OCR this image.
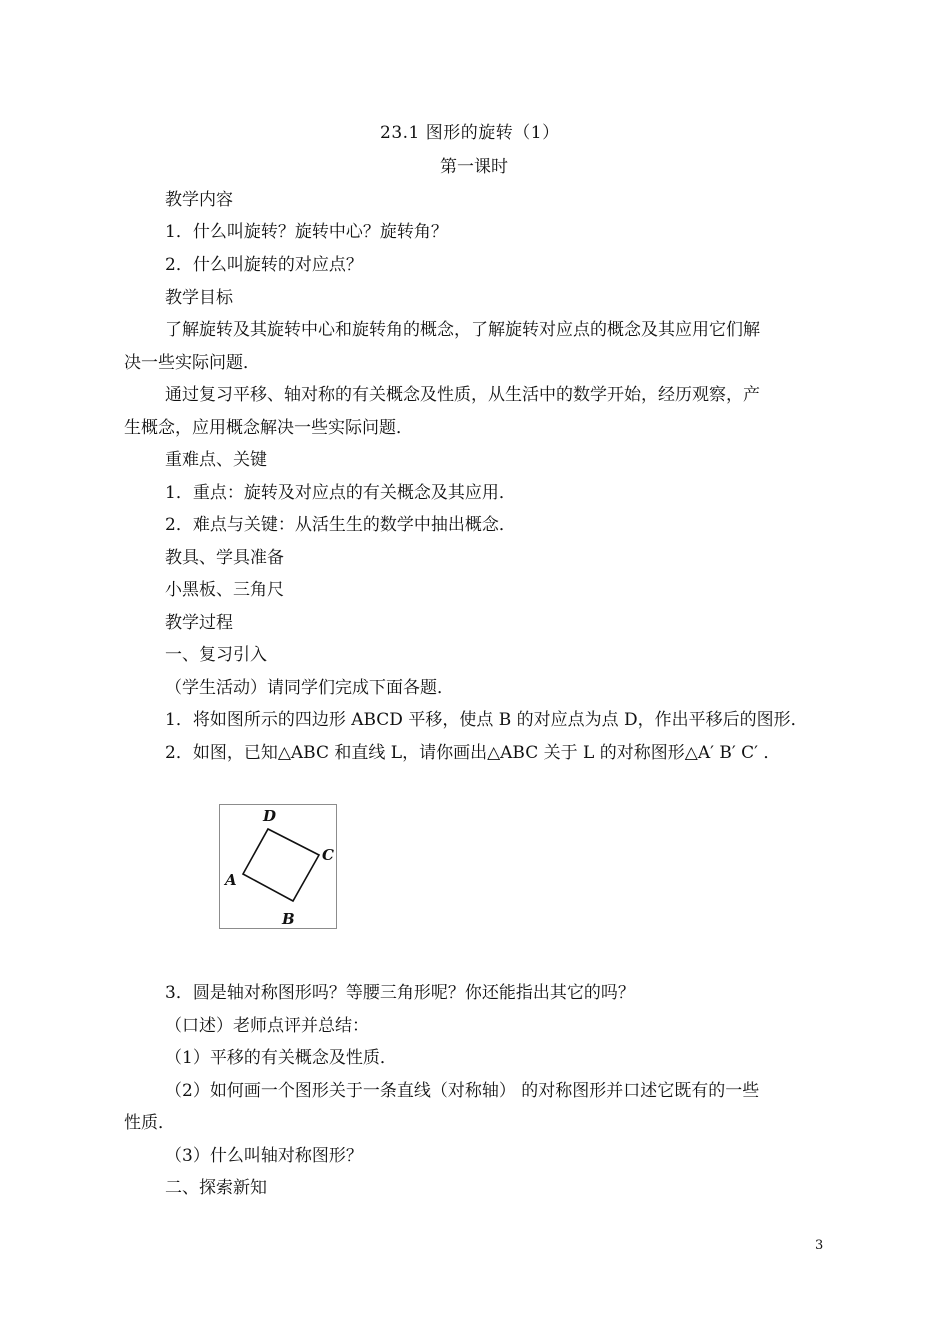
23.1 图形的旋转（1）
第一课时
教学内容
1．什么叫旋转？旋转中心？旋转角？
2．什么叫旋转的对应点？
教学目标
了解旋转及其旋转中心和旋转角的概念，了解旋转对应点的概念及其应用它们解
决一些实际问题．
通过复习平移、轴对称的有关概念及性质，从生活中的数学开始，经历观察，产
生概念，应用概念解决一些实际问题．
重难点、关键
1．重点：旋转及对应点的有关概念及其应用．
2．难点与关键：从活生生的数学中抽出概念．
教具、学具准备
小黑板、三角尺
教学过程
一、复习引入
（学生活动）请同学们完成下面各题．
1．将如图所示的四边形 ABCD 平移，使点 B 的对应点为点 D，作出平移后的图形．
2．如图，已知△ABC 和直线 L，请你画出△ABC 关于 L 的对称图形△A′ B′ C′ ．
D
C
A
B
3．圆是轴对称图形吗？等腰三角形呢？你还能指出其它的吗？
（口述）老师点评并总结：
（1）平移的有关概念及性质．
（2）如何画一个图形关于一条直线（对称轴） 的对称图形并口述它既有的一些
性质．
（3）什么叫轴对称图形？
二、探索新知
3
